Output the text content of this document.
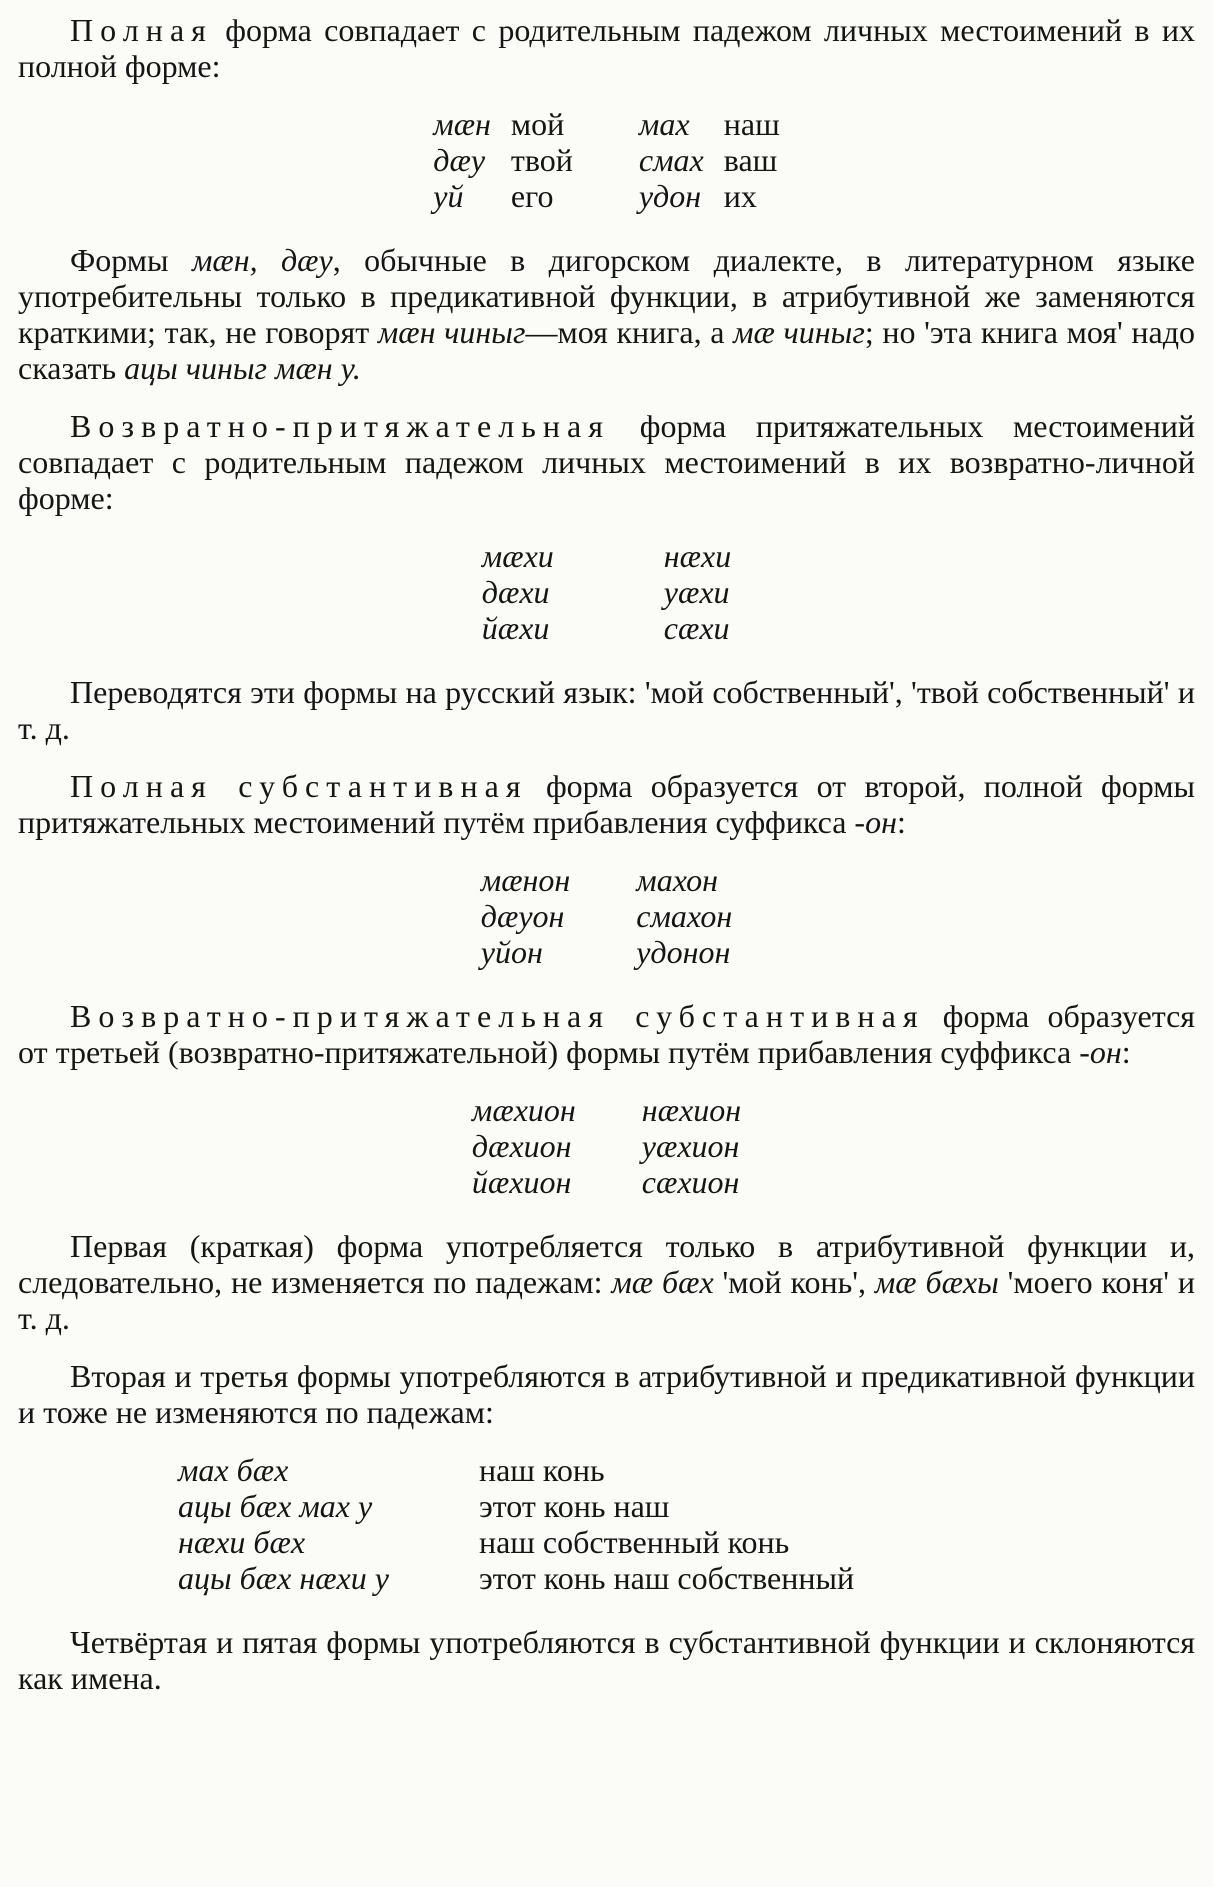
Полная форма совпадает с родительным падежом личных местоимений в их полной форме:

мæн	мой	мах	наш
дæу	твой	смах	ваш
уй	его	удон	их

Формы мæн, дæу, обычные в дигорском диалекте, в литературном языке употребительны только в предикативной функции, в атрибутивной же заменяются краткими; так, не говорят мæн чиныг—моя книга, а мæ чиныг; но 'эта книга моя' надо сказать ацы чиныг мæн у.

Возвратно-притяжательная форма притяжательных местоимений совпадает с родительным падежом личных местоимений в их возвратно-личной форме:

мæхи	нæхи
дæхи	уæхи
йæхи	сæхи

Переводятся эти формы на русский язык: 'мой собственный', 'твой собственный' и т. д.

Полная субстантивная форма образуется от второй, полной формы притяжательных местоимений путём прибавления суффикса -он:

мæнон	махон
дæуон	смахон
уйон	удонон

Возвратно-притяжательная субстантивная форма образуется от третьей (возвратно-притяжательной) формы путём прибавления суффикса -он:

мæхион	нæхион
дæхион	уæхион
йæхион	сæхион

Первая (краткая) форма употребляется только в атрибутивной функции и, следовательно, не изменяется по падежам: мæ бæх 'мой конь', мæ бæхы 'моего коня' и т. д.

Вторая и третья формы употребляются в атрибутивной и предикативной функции и тоже не изменяются по падежам:

мах бæх	наш конь
ацы бæх мах у	этот конь наш
нæхи бæх	наш собственный конь
ацы бæх нæхи у	этот конь наш собственный

Четвёртая и пятая формы употребляются в субстантивной функции и склоняются как имена.
